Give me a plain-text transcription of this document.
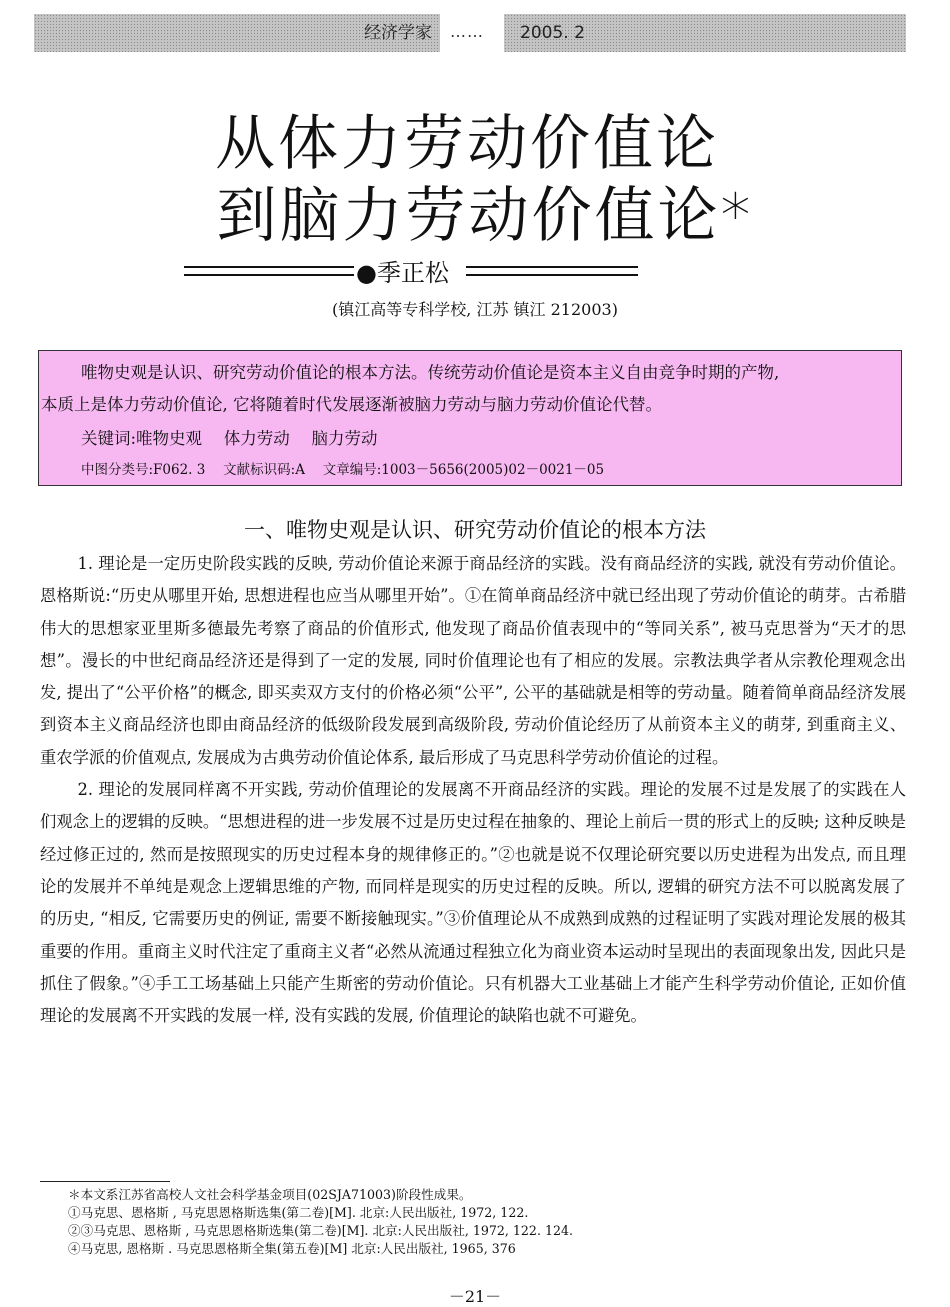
经济学家	……	2005. 2
从体力劳动价值论
到脑力劳动价值论*
●季正松
(镇江高等专科学校, 江苏 镇江 212003)
唯物史观是认识、研究劳动价值论的根本方法。传统劳动价值论是资本主义自由竞争时期的产物,
本质上是体力劳动价值论, 它将随着时代发展逐渐被脑力劳动与脑力劳动价值论代替。
关键词:唯物史观　 体力劳动　 脑力劳动
中图分类号:F062. 3　 文献标识码:A　 文章编号:1003－5656(2005)02－0021－05
一、唯物史观是认识、研究劳动价值论的根本方法

1. 理论是一定历史阶段实践的反映, 劳动价值论来源于商品经济的实践。没有商品经济的实践, 就没有劳动价值论。恩格斯说:“历史从哪里开始, 思想进程也应当从哪里开始”。①在简单商品经济中就已经出现了劳动价值论的萌芽。古希腊伟大的思想家亚里斯多德最先考察了商品的价值形式, 他发现了商品价值表现中的“等同关系”, 被马克思誉为“天才的思想”。漫长的中世纪商品经济还是得到了一定的发展, 同时价值理论也有了相应的发展。宗教法典学者从宗教伦理观念出发, 提出了“公平价格”的概念, 即买卖双方支付的价格必须“公平”, 公平的基础就是相等的劳动量。随着简单商品经济发展到资本主义商品经济也即由商品经济的低级阶段发展到高级阶段, 劳动价值论经历了从前资本主义的萌芽, 到重商主义、重农学派的价值观点, 发展成为古典劳动价值论体系, 最后形成了马克思科学劳动价值论的过程。

2. 理论的发展同样离不开实践, 劳动价值理论的发展离不开商品经济的实践。理论的发展不过是发展了的实践在人们观念上的逻辑的反映。“思想进程的进一步发展不过是历史过程在抽象的、理论上前后一贯的形式上的反映; 这种反映是经过修正过的, 然而是按照现实的历史过程本身的规律修正的。”②也就是说不仅理论研究要以历史进程为出发点, 而且理论的发展并不单纯是观念上逻辑思维的产物, 而同样是现实的历史过程的反映。所以, 逻辑的研究方法不可以脱离发展了的历史, “相反, 它需要历史的例证, 需要不断接触现实。”③价值理论从不成熟到成熟的过程证明了实践对理论发展的极其重要的作用。重商主义时代注定了重商主义者“必然从流通过程独立化为商业资本运动时呈现出的表面现象出发, 因此只是抓住了假象。”④手工工场基础上只能产生斯密的劳动价值论。只有机器大工业基础上才能产生科学劳动价值论, 正如价值理论的发展离不开实践的发展一样, 没有实践的发展, 价值理论的缺陷也就不可避免。

＊本文系江苏省高校人文社会科学基金项目(02SJA71003)阶段性成果。
①马克思、恩格斯 , 马克思恩格斯选集(第二卷)[M]. 北京:人民出版社, 1972, 122.
②③马克思、恩格斯 , 马克思恩格斯选集(第二卷)[M]. 北京:人民出版社, 1972, 122. 124.
④马克思, 恩格斯 . 马克思恩格斯全集(第五卷)[M] 北京:人民出版社, 1965, 376
－21－
